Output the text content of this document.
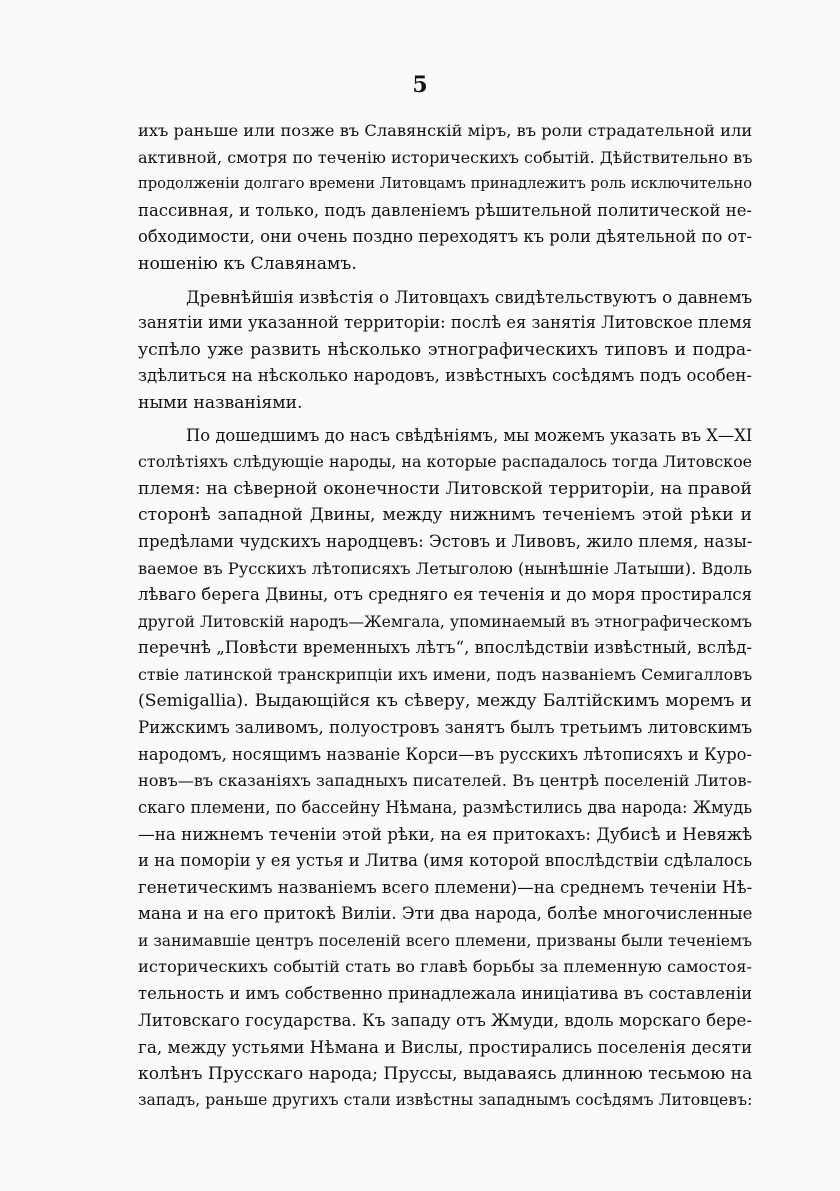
5
ихъ раньше или позже въ Славянскій міръ, въ роли страдательной или
активной, смотря по теченію историческихъ событій. Дѣйствительно въ
продолженіи долгаго времени Литовцамъ принадлежитъ роль исключительно
пассивная, и только, подъ давленіемъ рѣшительной политической не-
обходимости, они очень поздно переходятъ къ роли дѣятельной по от-
ношенію къ Славянамъ.
Древнѣйшія извѣстія о Литовцахъ свидѣтельствуютъ о давнемъ
занятіи ими указанной территоріи: послѣ ея занятія Литовское племя
успѣло уже развить нѣсколько этнографическихъ типовъ и подра-
здѣлиться на нѣсколько народовъ, извѣстныхъ сосѣдямъ подъ особен-
ными названіями.
По дошедшимъ до насъ свѣдѣніямъ, мы можемъ указать въ X—XI
столѣтіяхъ слѣдующіе народы, на которые распадалось тогда Литовское
племя: на сѣверной оконечности Литовской территоріи, на правой
сторонѣ западной Двины, между нижнимъ теченіемъ этой рѣки и
предѣлами чудскихъ народцевъ: Эстовъ и Ливовъ, жило племя, назы-
ваемое въ Русскихъ лѣтописяхъ Летыголою (нынѣшніе Латыши). Вдоль
лѣваго берега Двины, отъ средняго ея теченія и до моря простирался
другой Литовскій народъ—Жемгала, упоминаемый въ этнографическомъ
перечнѣ „Повѣсти временныхъ лѣтъ“, впослѣдствіи извѣстный, вслѣд-
ствіе латинской транскрипціи ихъ имени, подъ названіемъ Семигалловъ
(Semigallia). Выдающійся къ сѣверу, между Балтійскимъ моремъ и
Рижскимъ заливомъ, полуостровъ занятъ былъ третьимъ литовскимъ
народомъ, носящимъ названіе Корси—въ русскихъ лѣтописяхъ и Куро-
новъ—въ сказаніяхъ западныхъ писателей. Въ центрѣ поселеній Литов-
скаго племени, по бассейну Нѣмана, размѣстились два народа: Жмудь
—на нижнемъ теченіи этой рѣки, на ея притокахъ: Дубисѣ и Невяжѣ
и на поморіи у ея устья и Литва (имя которой впослѣдствіи сдѣлалось
генетическимъ названіемъ всего племени)—на среднемъ теченіи Нѣ-
мана и на его притокѣ Виліи. Эти два народа, болѣе многочисленные
и занимавшіе центръ поселеній всего племени, призваны были теченіемъ
историческихъ событій стать во главѣ борьбы за племенную самостоя-
тельность и имъ собственно принадлежала иниціатива въ составленіи
Литовскаго государства. Къ западу отъ Жмуди, вдоль морскаго бере-
га, между устьями Нѣмана и Вислы, простирались поселенія десяти
колѣнъ Прусскаго народа; Пруссы, выдаваясь длинною тесьмою на
западъ, раньше другихъ стали извѣстны западнымъ сосѣдямъ Литовцевъ:
